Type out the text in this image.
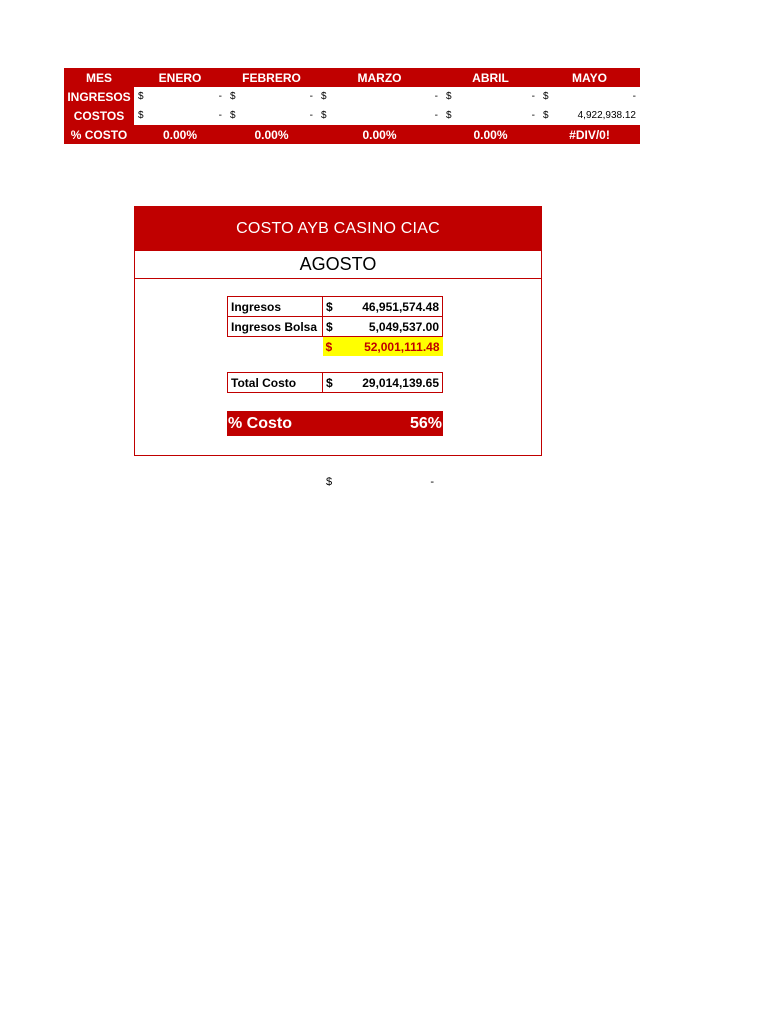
MES	ENERO	FEBRERO	MARZO	ABRIL	MAYO
INGRESOS	$ -	$ -	$ -	$ -	$ -

COSTOS	$ -	$ -	$ -	$ -	$ 4,922,938.12

% COSTO	0.00%	0.00%	0.00%	0.00%	#DIV/0!
COSTO AYB CASINO CIAC
AGOSTO
Ingresos	$	46,951,574.48
Ingresos Bolsa	$	5,049,537.00
	$	52,001,111.48
Total Costo	$	29,014,139.65
% Costo	56%
$	-
